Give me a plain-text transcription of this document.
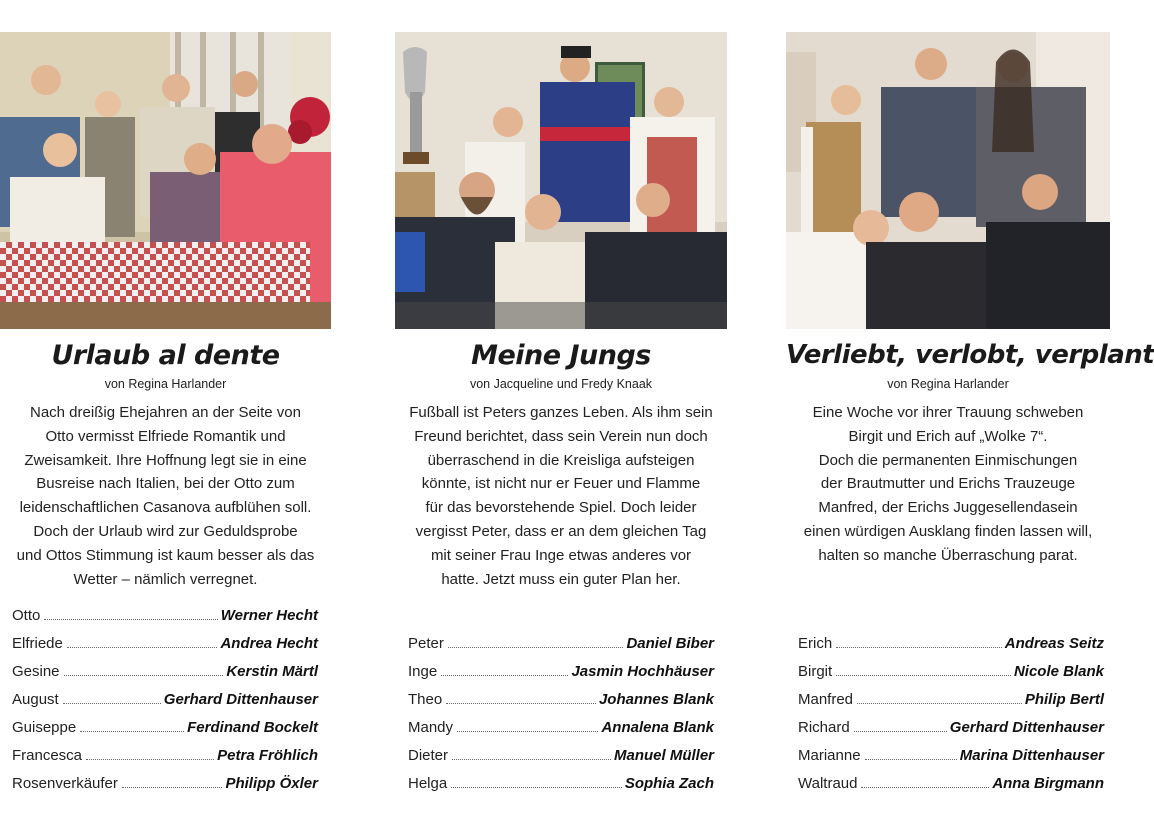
Urlaub al dente
von Regina Harlander
Nach dreißig Ehejahren an der Seite von
Otto vermisst Elfriede Romantik und
Zweisamkeit. Ihre Hoffnung legt sie in eine
Busreise nach Italien, bei der Otto zum
leidenschaftlichen Casanova aufblühen soll.
Doch der Urlaub wird zur Geduldsprobe
und Ottos Stimmung ist kaum besser als das
Wetter – nämlich verregnet.
Otto	Werner Hecht
Elfriede	Andrea Hecht
Gesine	Kerstin Märtl
August	Gerhard Dittenhauser
Guiseppe	Ferdinand Bockelt
Francesca	Petra Fröhlich
Rosenverkäufer	Philipp Öxler
Meine Jungs
von Jacqueline und Fredy Knaak
Fußball ist Peters ganzes Leben. Als ihm sein
Freund berichtet, dass sein Verein nun doch
überraschend in die Kreisliga aufsteigen
könnte, ist nicht nur er Feuer und Flamme
für das bevorstehende Spiel. Doch leider
vergisst Peter, dass er an dem gleichen Tag
mit seiner Frau Inge etwas anderes vor
hatte. Jetzt muss ein guter Plan her.
Peter	Daniel Biber
Inge	Jasmin Hochhäuser
Theo	Johannes Blank
Mandy	Annalena Blank
Dieter	Manuel Müller
Helga	Sophia Zach
Verliebt, verlobt, verplant
von Regina Harlander
Eine Woche vor ihrer Trauung schweben
Birgit und Erich auf „Wolke 7“.
Doch die permanenten Einmischungen
der Brautmutter und Erichs Trauzeuge
Manfred, der Erichs Juggesellendasein
einen würdigen Ausklang finden lassen will,
halten so manche Überraschung parat.
Erich	Andreas Seitz
Birgit	Nicole Blank
Manfred	Philip Bertl
Richard	Gerhard Dittenhauser
Marianne	Marina Dittenhauser
Waltraud	Anna Birgmann
